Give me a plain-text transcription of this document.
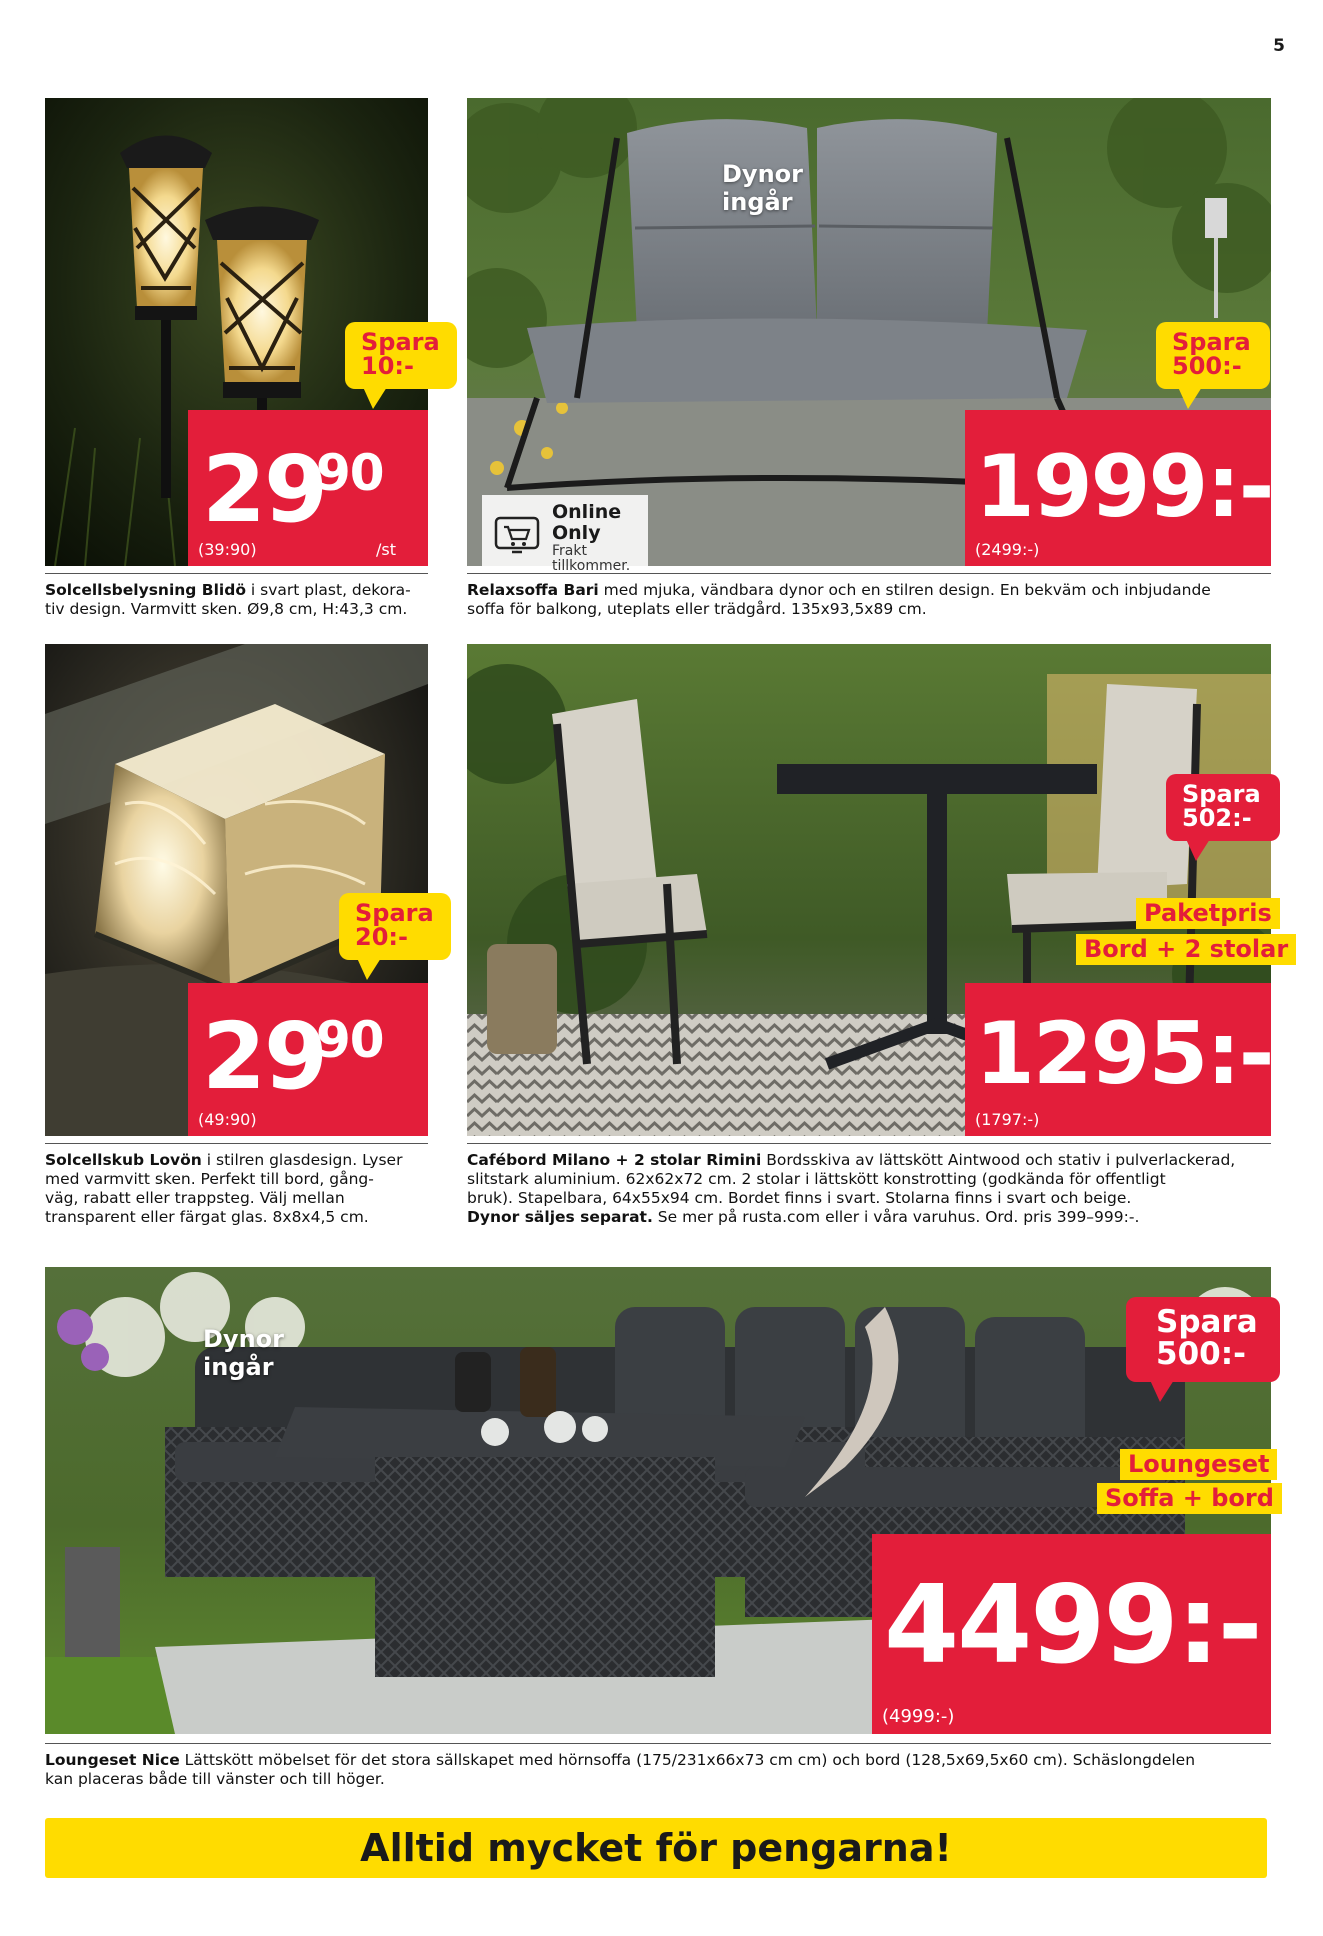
5
Spara
10:-
29
90
(39:90)	/st
Solcellsbelysning Blidö i svart plast, dekora-
tiv design. Varmvitt sken. Ø9,8 cm, H:43,3 cm.
Dynor ingår
Spara
500:-
1999:-
(2499:-)
Online Only
Frakt tillkommer.
Relaxsoffa Bari med mjuka, vändbara dynor och en stilren design. En bekväm och inbjudande
soffa för balkong, uteplats eller trädgård. 135x93,5x89 cm.
Spara
20:-
29
90
(49:90)
Solcellskub Lovön i stilren glasdesign. Lyser
med varmvitt sken. Perfekt till bord, gång-
väg, rabatt eller trappsteg. Välj mellan
transparent eller färgat glas. 8x8x4,5 cm.
Spara
502:-
Paketpris
Bord + 2 stolar
1295:-
(1797:-)
Cafébord Milano + 2 stolar Rimini Bordsskiva av lättskött Aintwood och stativ i pulverlackerad,
slitstark aluminium. 62x62x72 cm. 2 stolar i lättskött konstrotting (godkända för offentligt
bruk). Stapelbara, 64x55x94 cm. Bordet finns i svart. Stolarna finns i svart och beige.
Dynor säljes separat. Se mer på rusta.com eller i våra varuhus. Ord. pris 399–999:-.
Dynor ingår
Spara
500:-
Loungeset
Soffa + bord
4499:-
(4999:-)
Loungeset Nice Lättskött möbelset för det stora sällskapet med hörnsoffa (175/231x66x73 cm cm) och bord (128,5x69,5x60 cm). Schäslongdelen
kan placeras både till vänster och till höger.
Alltid mycket för pengarna!
